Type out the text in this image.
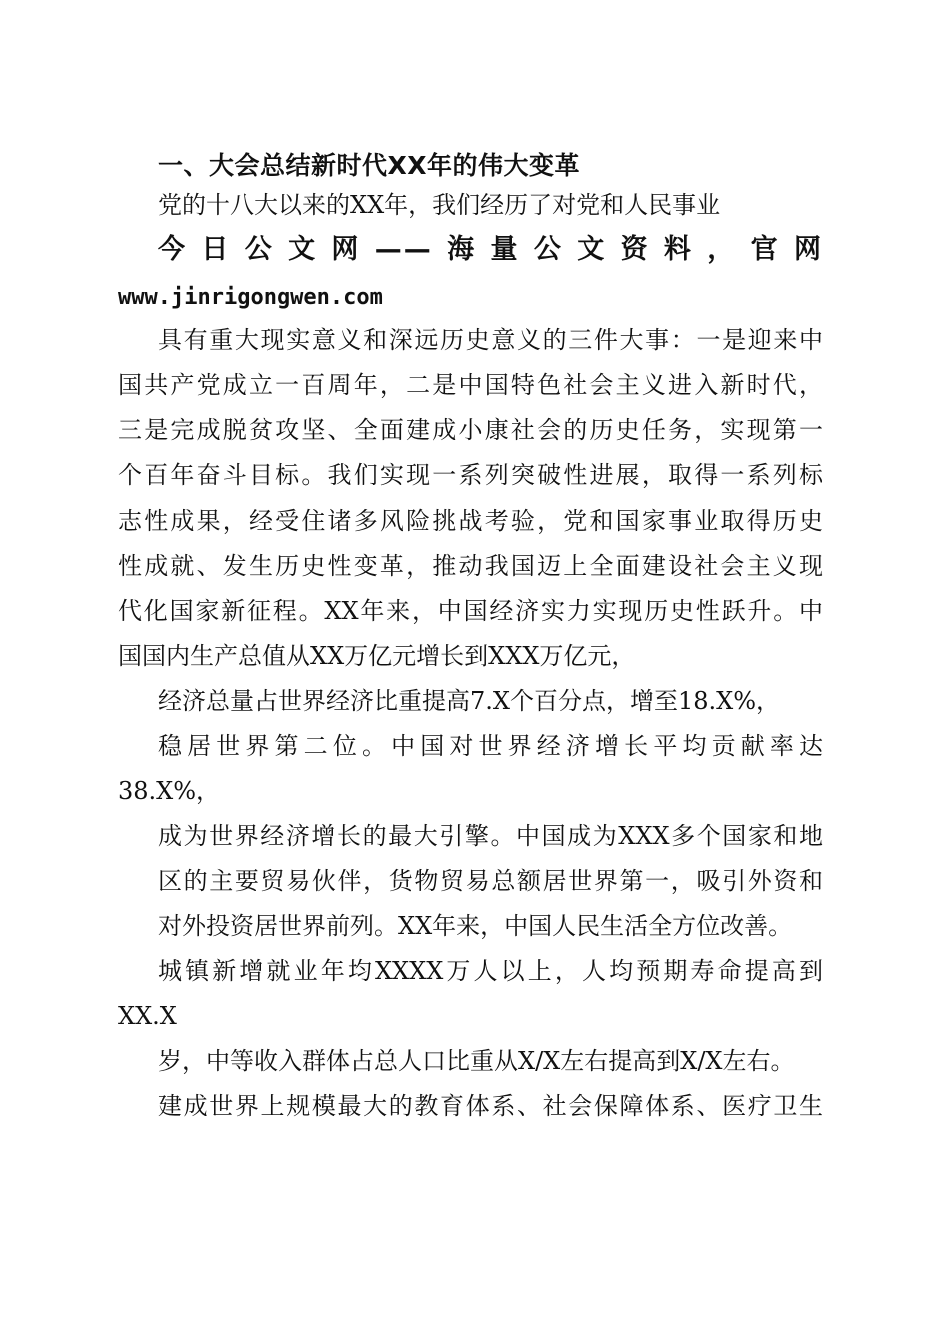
一、大会总结新时代XX年的伟大变革
党的十八大以来的XX年，我们经历了对党和人民事业
今日公文网——海量公文资料，官网
www.jinrigongwen.com
具有重大现实意义和深远历史意义的三件大事：一是迎来中
国共产党成立一百周年，二是中国特色社会主义进入新时代，
三是完成脱贫攻坚、全面建成小康社会的历史任务，实现第一
个百年奋斗目标。我们实现一系列突破性进展，取得一系列标
志性成果，经受住诸多风险挑战考验，党和国家事业取得历史
性成就、发生历史性变革，推动我国迈上全面建设社会主义现
代化国家新征程。XX年来，中国经济实力实现历史性跃升。中
国国内生产总值从XX万亿元增长到XXX万亿元，
经济总量占世界经济比重提高7.X个百分点，增至18.X%，
稳居世界第二位。中国对世界经济增长平均贡献率达
38.X%，
成为世界经济增长的最大引擎。中国成为XXX多个国家和地
区的主要贸易伙伴，货物贸易总额居世界第一，吸引外资和
对外投资居世界前列。XX年来，中国人民生活全方位改善。
城镇新增就业年均XXXX万人以上，人均预期寿命提高到
XX.X
岁，中等收入群体占总人口比重从X/X左右提高到X/X左右。
建成世界上规模最大的教育体系、社会保障体系、医疗卫生
